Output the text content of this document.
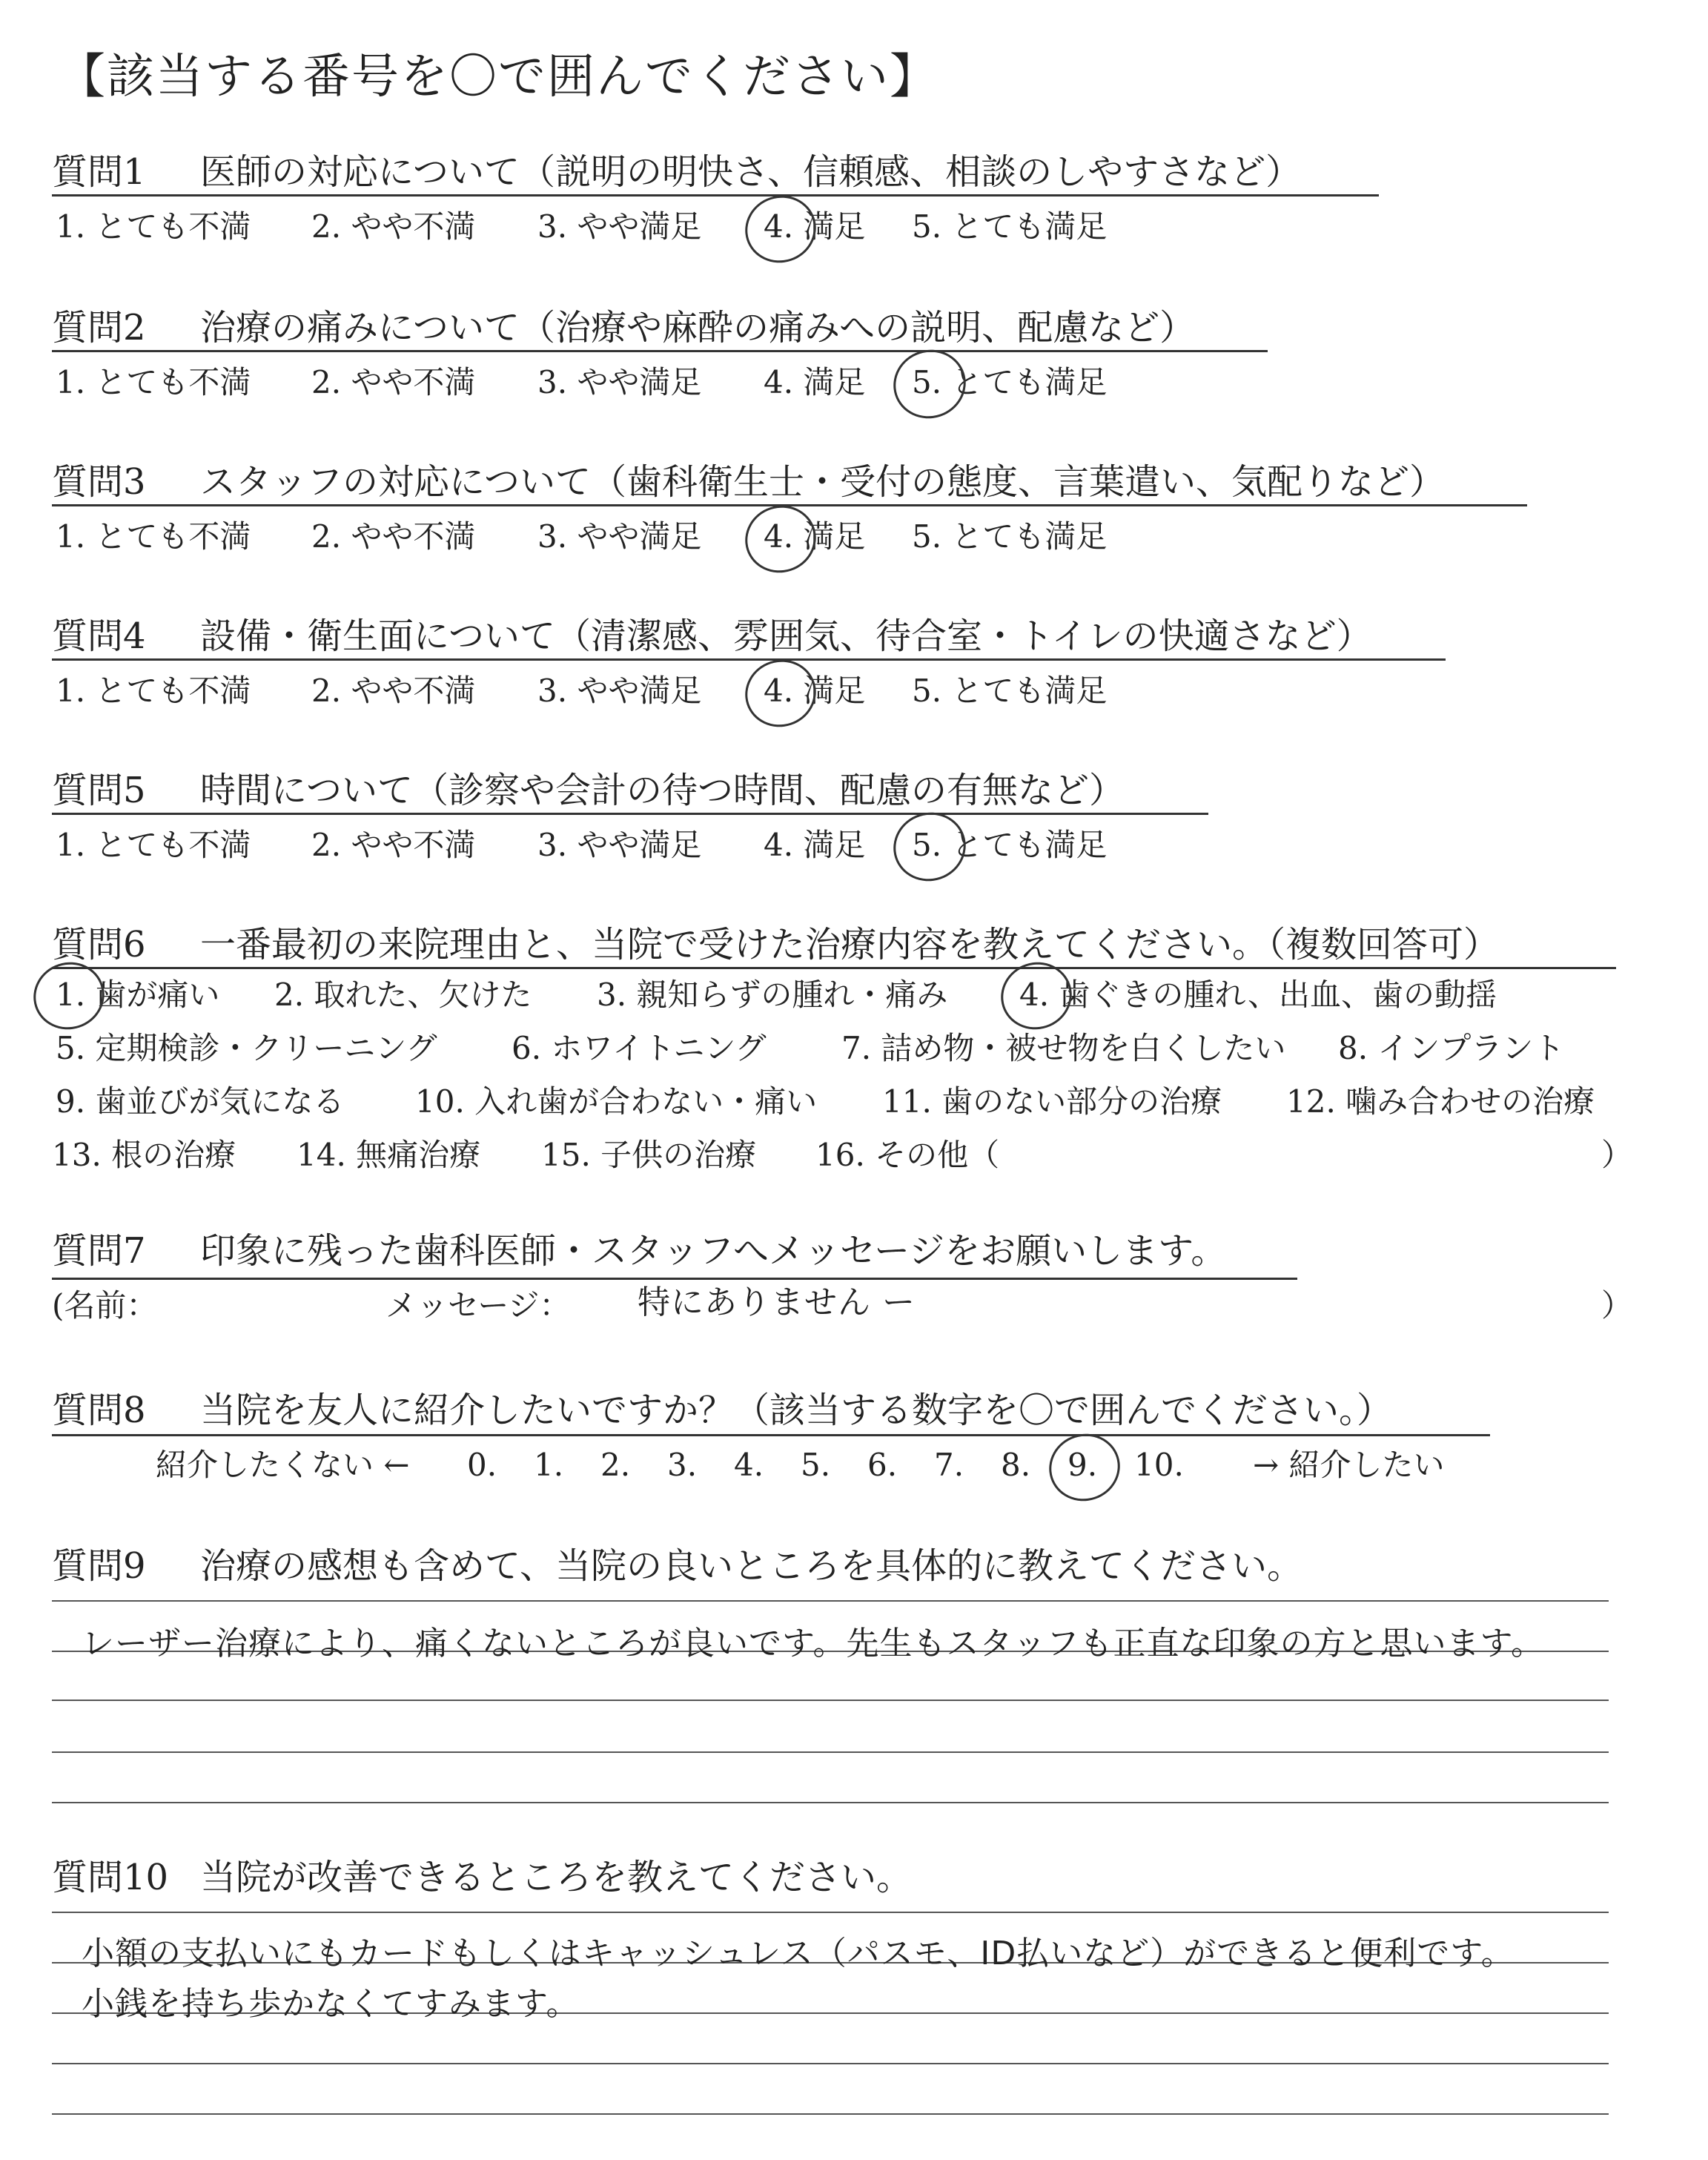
【該当する番号を〇で囲んでください】
質問1 医師の対応について（説明の明快さ、信頼感、相談のしやすさなど）
1. とても不満 2. やや不満 3. やや満足 4. 満足 5. とても満足
質問2 治療の痛みについて（治療や麻酔の痛みへの説明、配慮など）
1. とても不満 2. やや不満 3. やや満足 4. 満足 5. とても満足
質問3 スタッフの対応について（歯科衛生士・受付の態度、言葉遣い、気配りなど）
1. とても不満 2. やや不満 3. やや満足 4. 満足 5. とても満足
質問4 設備・衛生面について（清潔感、雰囲気、待合室・トイレの快適さなど）
1. とても不満 2. やや不満 3. やや満足 4. 満足 5. とても満足
質問5 時間について（診察や会計の待つ時間、配慮の有無など）
1. とても不満 2. やや不満 3. やや満足 4. 満足 5. とても満足
質問6 一番最初の来院理由と、当院で受けた治療内容を教えてください。（複数回答可）
1. 歯が痛い 2. 取れた、欠けた 3. 親知らずの腫れ・痛み 4. 歯ぐきの腫れ、出血、歯の動揺
5. 定期検診・クリーニング 6. ホワイトニング 7. 詰め物・被せ物を白くしたい 8. インプラント
9. 歯並びが気になる 10. 入れ歯が合わない・痛い 11. 歯のない部分の治療 12. 噛み合わせの治療
13. 根の治療 14. 無痛治療 15. 子供の治療 16. その他（	）
質問7 印象に残った歯科医師・スタッフへメッセージをお願いします。
(名前：	メッセージ： 特にありません ー	）
質問8 当院を友人に紹介したいですか？（該当する数字を〇で囲んでください。）
紹介したくない ← 0. 1. 2. 3. 4. 5. 6. 7. 8. 9. 10. → 紹介したい
質問9 治療の感想も含めて、当院の良いところを具体的に教えてください。
レーザー治療により、痛くないところが良いです。先生もスタッフも正直な印象の方と思います。
質問10 当院が改善できるところを教えてください。
小額の支払いにもカードもしくはキャッシュレス（パスモ、ID払いなど）ができると便利です。
小銭を持ち歩かなくてすみます。
